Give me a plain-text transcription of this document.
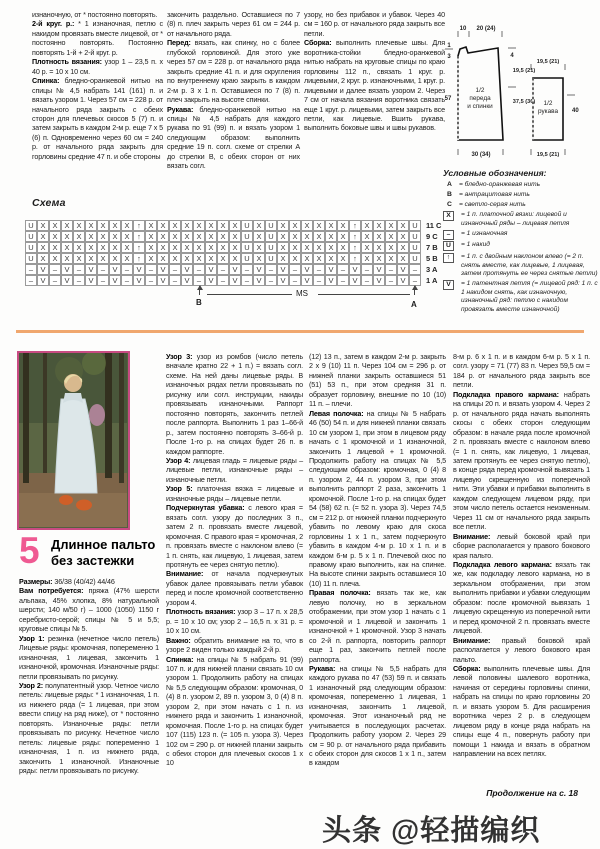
изнаночную, от * постоянно повторять.

2-й круг. р.: * 1 изнаночная, петлю с накидом провязать вместе лицевой, от * постоянно повторять. Постоянно повторять 1-й + 2-й круг. р.

Плотность вязания: узор 1 – 23,5 п. х 40 р. = 10 х 10 см.

Спинка: бледно-оранжевой нитью на спицы № 4,5 набрать 141 (161) п. и вязать узором 1. Через 57 см = 228 р. от начального ряда закрыть с обеих сторон для плечевых скосов 5 (7) п. и затем закрыть в каждом 2-м р. еще 7 х 5 (6) п. Одновременно через 60 см = 240 р. от начального ряда закрыть для горловины средние 47 п. и обе стороны

закончить раздельно. Оставшиеся по 7 (8) п. плеч закрыть через 61 см = 244 р. от начального ряда.

Перед: вязать, как спинку, но с более глубокой горловиной. Для этого уже через 57 см = 228 р. от начального ряда закрыть средние 41 п. и для скругления по внутреннему краю закрыть в каждом 2-м р. 3 х 1 п. Оставшиеся по 7 (8) п. плеч закрыть на высоте спинки.

Рукава: бледно-оранжевой нитью на спицы № 4,5 набрать для каждого рукава по 91 (99) п. и вязать узором 1 следующим образом: выполнить средние 19 п. согл. схеме от стрелки А до стрелки В, с обеих сторон от них вязать согл.

узору, но без прибавок и убавок. Через 40 см = 160 р. от начального ряда закрыть все петли.

Сборка: выполнить плечевые швы. Для воротника-стойки бледно-оранжевой нитью набрать на круговые спицы по краю горловины 112 п., связать 1 круг. р. лицевыми, 2 круг. р. изнаночными, 1 круг. р. лицевыми и далее вязать узором 2. Через 7 см от начала вязания воротника связать еще 1 круг. р. лицевыми, затем закрыть все петли, как лицевые. Вшить рукава, выполнить боковые швы и швы рукавов.

10 20 (24)
1
3
57
4
19,5 (21)
37,5 (36)
30 (34)
1/2
переда
и спинки
19,5 (21)
40
19,5 (21)
1/2
рукава
Условные обозначения:
A	= бледно-оранжевая нить
B	= антрацитовая нить
C	= светло-серая нить
X	= 1 п. платочной вязки: лицевой и изнаночный ряды – лицевая петля
–	= 1 изнаночная
U	= 1 накид
↑	= 1 п. с двойным наклоном влево (= 2 п. снять вместе, как лицевые, 1 лицевая, затем протянуть ее через снятые петли)
V	= 1 патентная петля (= лицевой ряд: 1 п. с 1 накидом снять, как изнаночную, изнаночный ряд: петлю с накидом провязать вместе изнаночной)
Схема
U X X X X X X X X	↑	X X X X X X X X U X U X X X X X X	↑	X X X X U	11 C
U X X X X X X X X	↑	X X X X X X X X U X U X X X X X X	↑	X X X X U	9 C
U X X X X X X X X	↑	X X X X X X X X U X U X X X X X X	↑	X X X X U	7 B
U X X X X X X X X	↑	X X X X X X X X U X U X X X X X X	↑	X X X X U	5 B
– V – V – V – V – V – V – V – V – V – V – V – V – V – V – V – V –	3 A
– V – V – V – V – V – V – V – V – V – V – V – V – V – V – V – V –	1 A
B
MS
A
5 Длинное пальто
без застежки

Размеры: 36/38 (40/42) 44/46

Вам потребуется: пряжа (47% шерсти альпака, 45% хлопка, 8% натуральной шерсти; 140 м/50 г) – 1000 (1050) 1150 г серебристо-серой; спицы № 5 и 5,5; круговые спицы № 5.

Узор 1: резинка (нечетное число петель) Лицевые ряды: кромочная, попеременно 1 изнаночная, 1 лицевая, закончить 1 изнаночной, кромочная. Изнаночные ряды: петли провязывать по рисунку.

Узор 2: полупатентный узор. Четное число петель: лицевые ряды: * 1 изнаночная, 1 п. из нижнего ряда (= 1 лицевая, при этом ввести спицу на ряд ниже), от * постоянно повторять. Изнаночные ряды: петли провязывать по рисунку. Нечетное число петель: лицевые ряды: попеременно 1 изнаночная, 1 п. из нижнего ряда, закончить 1 изнаночной. Изнаночные ряды: петли провязывать по рисунку.

Узор 3: узор из ромбов (число петель вначале кратно 22 + 1 п.) = вязать согл. схеме. На ней даны лицевые ряды. В изнаночных рядах петли провязывать по рисунку или согл. инструкции, накиды провязывать изнаночными. Раппорт постоянно повторять, закончить петлей после раппорта. Выполнить 1 раз 1–66-й р., затем постоянно повторять 3–66-й р. После 1-го р. на спицах будет 26 п. в каждом раппорте.

Узор 4: лицевая гладь = лицевые ряды – лицевые петли, изнаночные ряды – изнаночные петли.

Узор 5: платочная вязка = лицевые и изнаночные ряды – лицевые петли.

Подчеркнутая убавка: с левого края = вязать согл. узору до последних 3 п., затем 2 п. провязать вместе лицевой, кромочная. С правого края = кромочная, 2 п. провязать вместе с наклоном влево (= 1 п. снять, как лицевую, 1 лицевая, затем протянуть ее через снятую петлю).

Внимание: от начала подчеркнутых убавок далее провязывать петли убавок перед и после кромочной соответственно узором 4.

Плотность вязания: узор 3 – 17 п. х 28,5 р. = 10 х 10 см; узор 2 – 16,5 п. х 31 р. = 10 х 10 см.

Важно: обратить внимание на то, что в узоре 2 виден только каждый 2-й р.

Спинка: на спицы № 5 набрать 91 (99) 107 п. и для нижней планки связать 10 см узором 1. Продолжить работу на спицах № 5,5 следующим образом: кромочная, 0 (4) 8 п. узором 2, 89 п. узором 3, 0 (4) 8 п. узором 2, при этом начать с 1 п. из нижнего ряда и закончить 1 изнаночной, кромочная. После 1-го р. на спицах будет 107 (115) 123 п. (= 105 п. узора 3). Через 102 см = 290 р. от нижней планки закрыть с обеих сторон для плечевых скосов 1 х 10

(12) 13 п., затем в каждом 2-м р. закрыть 2 х 9 (10) 11 п. Через 104 см = 296 р. от нижней планки закрыть оставшиеся 51 (51) 53 п., при этом средняя 31 п. образует горловину, внешние по 10 (10) 11 п. – плечи.

Левая полочка: на спицы № 5 набрать 46 (50) 54 п. и для нижней планки связать 10 см узором 1, при этом в лицевом ряду начать с 1 кромочной и 1 изнаночной, закончить 1 лицевой + 1 кромочной. Продолжить работу на спицах № 5,5 следующим образом: кромочная, 0 (4) 8 п. узором 2, 44 п. узором 3, при этом выполнить раппорт 2 раза, закончить 1 кромочной. После 1-го р. на спицах будет 54 (58) 62 п. (= 52 п. узора 3). Через 74,5 см = 212 р. от нижней планки подчеркнуто убавить по левому краю для скоса горловины 1 х 1 п., затем подчеркнуто убавить в каждом 4-м р. 10 х 1 п. и в каждом 6-м р. 5 х 1 п. Плечевой скос по правому краю выполнить, как на спинке. На высоте спинки закрыть оставшиеся 10 (10) 11 п. плеча.

Правая полочка: вязать так же, как левую полочку, но в зеркальном отображении, при этом узор 1 начать с 1 кромочной и 1 лицевой и закончить 1 изнаночной + 1 кромочной. Узор 3 начать со 2-й п. раппорта, повторить раппорт еще 1 раз, закончить петлей после раппорта.

Рукава: на спицы № 5,5 набрать для каждого рукава по 47 (53) 59 п. и связать 1 изнаночный ряд следующим образом: кромочная, попеременно 1 лицевая, 1 изнаночная, закончить 1 лицевой, кромочная. Этот изнаночный ряд не учитывается в последующих расчетах. Продолжить работу узором 2. Через 29 см = 90 р. от начального ряда прибавить с обеих сторон для скосов 1 х 1 п., затем в каждом

8-м р. 6 х 1 п. и в каждом 6-м р. 5 х 1 п. согл. узору = 71 (77) 83 п. Через 59,5 см = 184 р. от начального ряда закрыть все петли.

Подкладка правого кармана: набрать на спицы 20 п. и вязать узором 4. Через 2 р. от начального ряда начать выполнять скосы с обеих сторон следующим образом: в начале ряда после кромочной 2 п. провязать вместе с наклоном влево (= 1 п. снять, как лицевую, 1 лицевая, затем протянуть ее через снятую петлю), в конце ряда перед кромочной вывязать 1 лицевую скрещенную из поперечной нити. Эти убавки и прибавки выполнить в каждом следующем лицевом ряду, при этом число петель остается неизменным. Через 11 см от начального ряда закрыть все петли.

Внимание: левый боковой край при сборке располагается у правого бокового края пальто.

Подкладка левого кармана: вязать так же, как подкладку левого кармана, но в зеркальном отображении, при этом выполнить прибавки и убавки следующим образом: после кромочной вывязать 1 лицевую скрещенную из поперечной нити и перед кромочной 2 п. провязать вместе лицевой.

Внимание: правый боковой край располагается у левого бокового края пальто.

Сборка: выполнить плечевые швы. Для левой половины шалевого воротника, начиная от середины горловины спинки, набрать на спицы по краю горловины 20 п. и вязать узором 5. Для расширения воротника через 2 р. в следующем лицевом ряду в конце ряда набрать на спицы еще 4 п., повернуть работу при помощи 1 накида и вязать в обратном направлении на всех петлях.

Продолжение на с. 18
头条 @轻描编织
